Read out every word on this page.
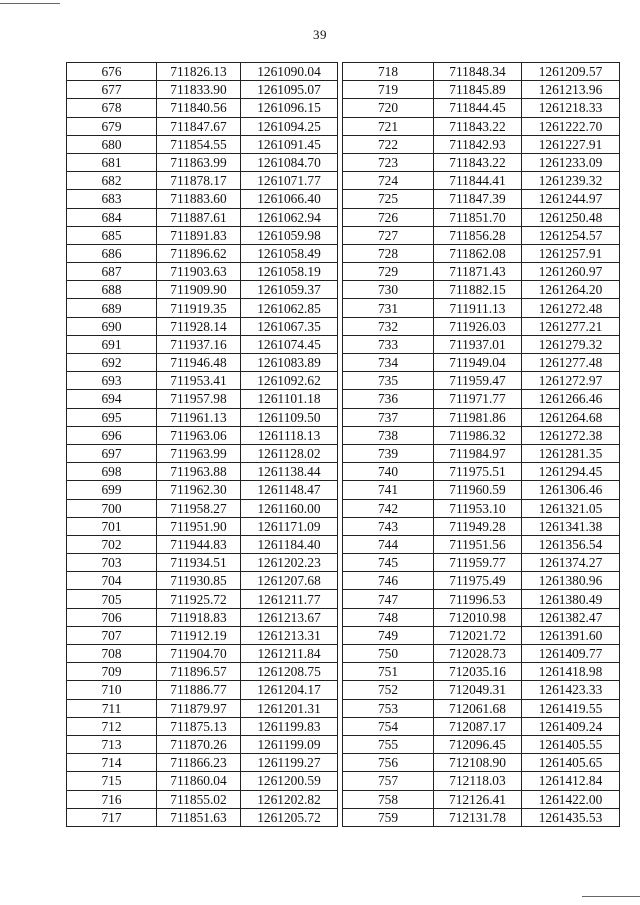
39
676	711826.13	1261090.04
677	711833.90	1261095.07
678	711840.56	1261096.15
679	711847.67	1261094.25
680	711854.55	1261091.45
681	711863.99	1261084.70
682	711878.17	1261071.77
683	711883.60	1261066.40
684	711887.61	1261062.94
685	711891.83	1261059.98
686	711896.62	1261058.49
687	711903.63	1261058.19
688	711909.90	1261059.37
689	711919.35	1261062.85
690	711928.14	1261067.35
691	711937.16	1261074.45
692	711946.48	1261083.89
693	711953.41	1261092.62
694	711957.98	1261101.18
695	711961.13	1261109.50
696	711963.06	1261118.13
697	711963.99	1261128.02
698	711963.88	1261138.44
699	711962.30	1261148.47
700	711958.27	1261160.00
701	711951.90	1261171.09
702	711944.83	1261184.40
703	711934.51	1261202.23
704	711930.85	1261207.68
705	711925.72	1261211.77
706	711918.83	1261213.67
707	711912.19	1261213.31
708	711904.70	1261211.84
709	711896.57	1261208.75
710	711886.77	1261204.17
711	711879.97	1261201.31
712	711875.13	1261199.83
713	711870.26	1261199.09
714	711866.23	1261199.27
715	711860.04	1261200.59
716	711855.02	1261202.82
717	711851.63	1261205.72
718	711848.34	1261209.57
719	711845.89	1261213.96
720	711844.45	1261218.33
721	711843.22	1261222.70
722	711842.93	1261227.91
723	711843.22	1261233.09
724	711844.41	1261239.32
725	711847.39	1261244.97
726	711851.70	1261250.48
727	711856.28	1261254.57
728	711862.08	1261257.91
729	711871.43	1261260.97
730	711882.15	1261264.20
731	711911.13	1261272.48
732	711926.03	1261277.21
733	711937.01	1261279.32
734	711949.04	1261277.48
735	711959.47	1261272.97
736	711971.77	1261266.46
737	711981.86	1261264.68
738	711986.32	1261272.38
739	711984.97	1261281.35
740	711975.51	1261294.45
741	711960.59	1261306.46
742	711953.10	1261321.05
743	711949.28	1261341.38
744	711951.56	1261356.54
745	711959.77	1261374.27
746	711975.49	1261380.96
747	711996.53	1261380.49
748	712010.98	1261382.47
749	712021.72	1261391.60
750	712028.73	1261409.77
751	712035.16	1261418.98
752	712049.31	1261423.33
753	712061.68	1261419.55
754	712087.17	1261409.24
755	712096.45	1261405.55
756	712108.90	1261405.65
757	712118.03	1261412.84
758	712126.41	1261422.00
759	712131.78	1261435.53
